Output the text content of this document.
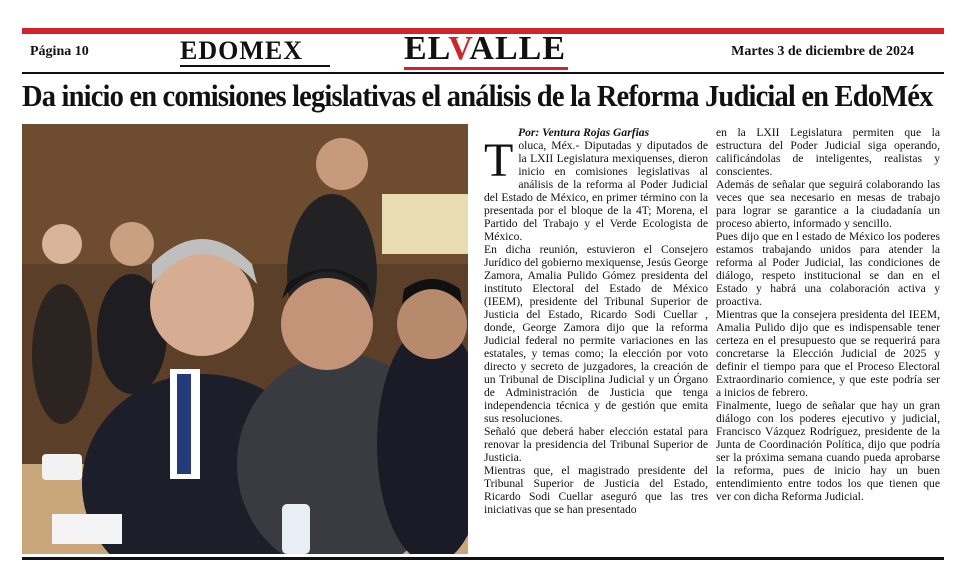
Página 10	EDOMEX	ELVALLE	Martes 3 de diciembre de 2024
Da inicio en comisiones legislativas el análisis de la Reforma Judicial en EdoMéx

Por: Ventura Rojas Garfias

T oluca, Méx.- Diputadas y diputados de la LXII Legislatura mexiquenses, dieron inicio en comisiones legislativas al análisis de la reforma al Poder Judicial del Estado de México, en primer término con la presentada por el bloque de la 4T; Morena, el Partido del Trabajo y el Verde Ecologista de México.

En dicha reunión, estuvieron el Consejero Jurídico del gobierno mexiquense, Jesús George Zamora, Amalia Pulido Gómez presidenta del instituto Electoral del Estado de México (IEEM), presidente del Tribunal Superior de Justicia del Estado, Ricardo Sodi Cuellar , donde, George Zamora dijo que la reforma Judicial federal no permite variaciones en las estatales, y temas como; la elección por voto directo y secreto de juzgadores, la creación de un Tribunal de Disciplina Judicial y un Órgano de Administración de Justicia que tenga independencia técnica y de gestión que emita sus resoluciones.

Señaló que deberá haber elección estatal para renovar la presidencia del Tribunal Superior de Justicia.

Mientras que, el magistrado presidente del Tribunal Superior de Justicia del Estado, Ricardo Sodi Cuellar aseguró que las tres iniciativas que se han presentado

en la LXII Legislatura permiten que la estructura del Poder Judicial siga operando, calificándolas de inteligentes, realistas y conscientes.

Además de señalar que seguirá colaborando las veces que sea necesario en mesas de trabajo para lograr se garantice a la ciudadanía un proceso abierto, informado y sencillo.

Pues dijo que en l estado de México los poderes estamos trabajando unidos para atender la reforma al Poder Judicial, las condiciones de diálogo, respeto institucional se dan en el Estado y habrá una colaboración activa y proactiva.

Mientras que la consejera presidenta del IEEM, Amalia Pulido dijo que es indispensable tener certeza en el presupuesto que se requerirá para concretarse la Elección Judicial de 2025 y definir el tiempo para que el Proceso Electoral Extraordinario comience, y que este podría ser a inicios de febrero.

Finalmente, luego de señalar que hay un gran diálogo con los poderes ejecutivo y judicial, Francisco Vázquez Rodríguez, presidente de la Junta de Coordinación Política, dijo que podría ser la próxima semana cuando pueda aprobarse la reforma, pues de inicio hay un buen entendimiento entre todos los que tienen que ver con dicha Reforma Judicial.
